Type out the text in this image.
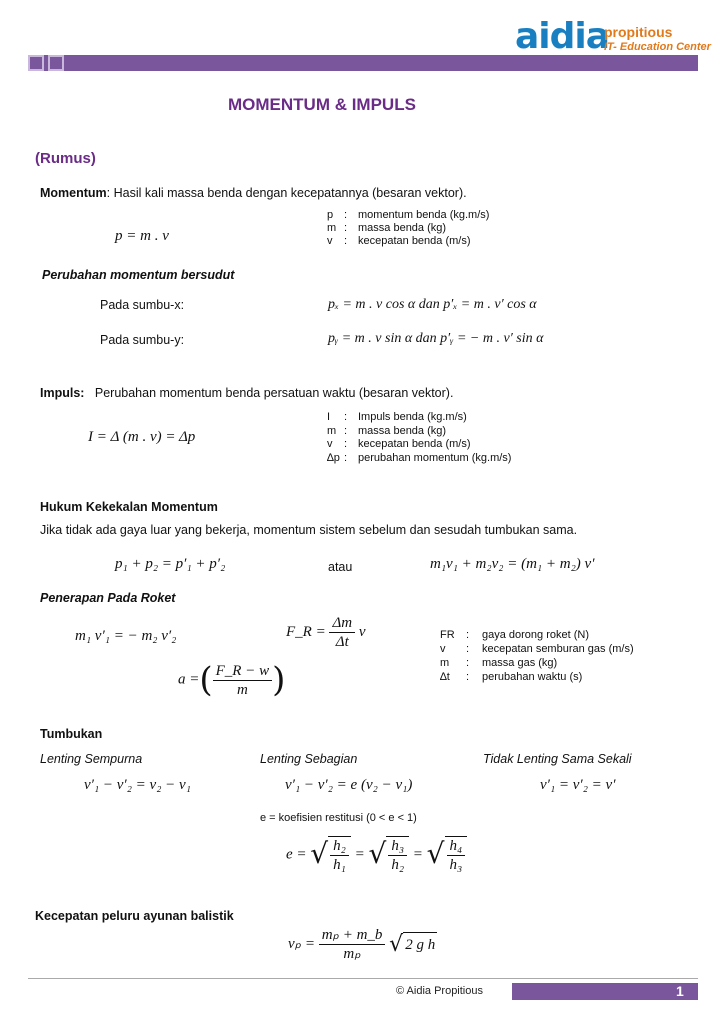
aidia
propitious
IT- Education Center
MOMENTUM & IMPULS
(Rumus)
Momentum: Hasil kali massa benda dengan kecepatannya (besaran vektor).
p = m . v
p : momentum benda (kg.m/s)
m : massa benda (kg)
v : kecepatan benda (m/s)
Perubahan momentum bersudut
Pada sumbu-x:	pₓ = m . v cos α dan p′ₓ = m . v′ cos α
Pada sumbu-y:	pᵧ = m . v sin α dan p′ᵧ = − m . v′ sin α
Impuls: Perubahan momentum benda persatuan waktu (besaran vektor).
I = Δ (m . v) = Δp
I : Impuls benda (kg.m/s)
m : massa benda (kg)
v : kecepatan benda (m/s)
∆p : perubahan momentum (kg.m/s)
Hukum Kekekalan Momentum
Jika tidak ada gaya luar yang bekerja, momentum sistem sebelum dan sesudah tumbukan sama.
p₁ + p₂ = p′₁ + p′₂	atau	m₁v₁ + m₂v₂ = (m₁ + m₂) v′
Penerapan Pada Roket
m₁ v′₁ = − m₂ v′₂	F_R = $\frac{\Delta m}{\Delta t}$ v
a =( $\frac{F\_R - w}{m}$ )
FR : gaya dorong roket (N)
v : kecepatan semburan gas (m/s)
m : massa gas (kg)
∆t : perubahan waktu (s)
Tumbukan
Lenting Sempurna	Lenting Sebagian	Tidak Lenting Sama Sekali
v′₁ − v′₂ = v₂ − v₁	v′₁ − v′₂ = e (v₂ − v₁)	v′₁ = v′₂ = v′
e = koefisien restitusi (0 < e < 1)
e = √ $\frac{\text{h₂}}{\text{h₁}}$ = √ $\frac{\text{h₃}}{\text{h₂}}$ = √ $\frac{\text{h₄}}{\text{h₃}}$
Kecepatan peluru ayunan balistik
$v_p = \frac{\text{mₚ + m\_b}}{\text{mₚ}}$
√ 2 g h
© Aidia Propitious	1
